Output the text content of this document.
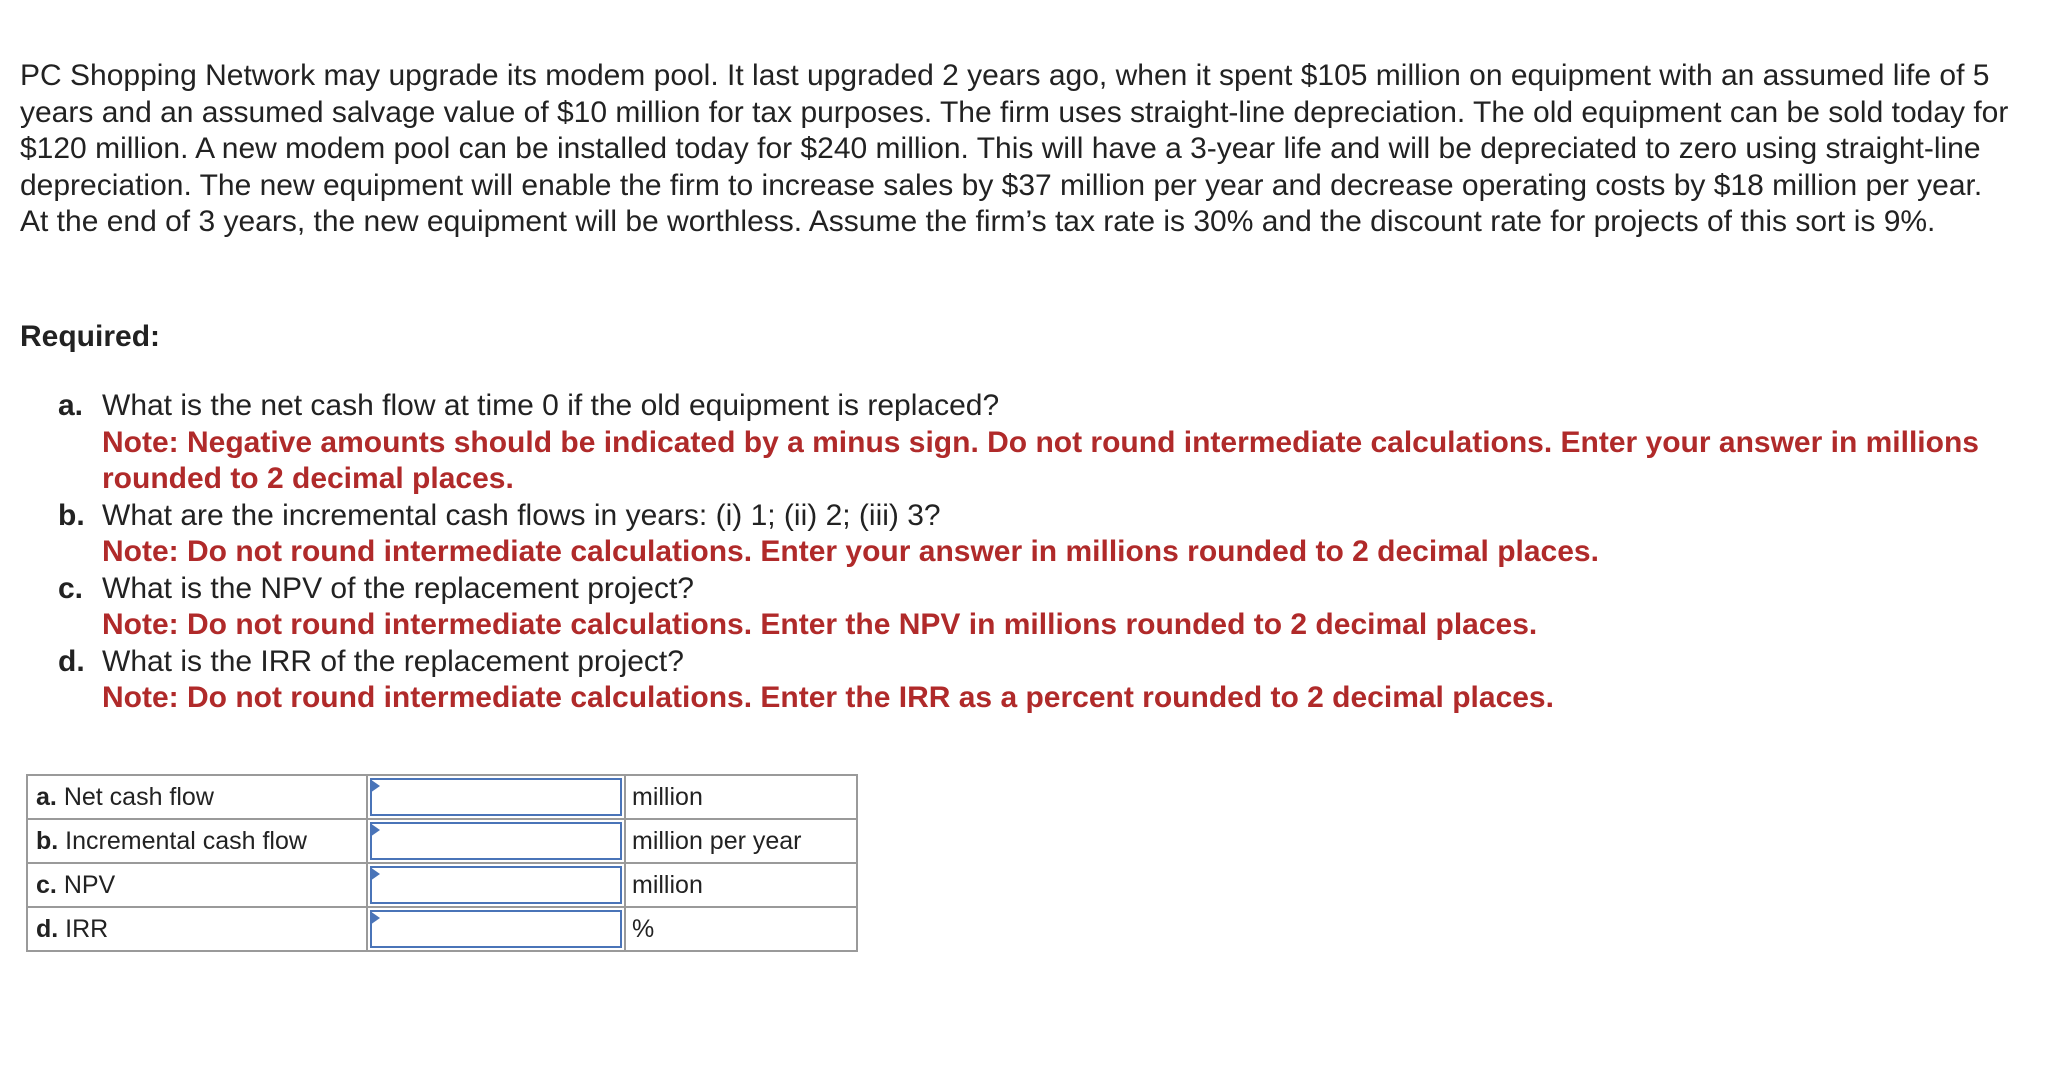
PC Shopping Network may upgrade its modem pool. It last upgraded 2 years ago, when it spent $105 million on equipment with an assumed life of 5 years and an assumed salvage value of $10 million for tax purposes. The firm uses straight-line depreciation. The old equipment can be sold today for $120 million. A new modem pool can be installed today for $240 million. This will have a 3-year life and will be depreciated to zero using straight-line depreciation. The new equipment will enable the firm to increase sales by $37 million per year and decrease operating costs by $18 million per year. At the end of 3 years, the new equipment will be worthless. Assume the firm’s tax rate is 30% and the discount rate for projects of this sort is 9%.

Required:

a. What is the net cash flow at time 0 if the old equipment is replaced?
Note: Negative amounts should be indicated by a minus sign. Do not round intermediate calculations. Enter your answer in millions rounded to 2 decimal places.
b. What are the incremental cash flows in years: (i) 1; (ii) 2; (iii) 3?
Note: Do not round intermediate calculations. Enter your answer in millions rounded to 2 decimal places.
c. What is the NPV of the replacement project?
Note: Do not round intermediate calculations. Enter the NPV in millions rounded to 2 decimal places.
d. What is the IRR of the replacement project?
Note: Do not round intermediate calculations. Enter the IRR as a percent rounded to 2 decimal places.
a. Net cash flow		million
b. Incremental cash flow		million per year
c. NPV		million
d. IRR		%
